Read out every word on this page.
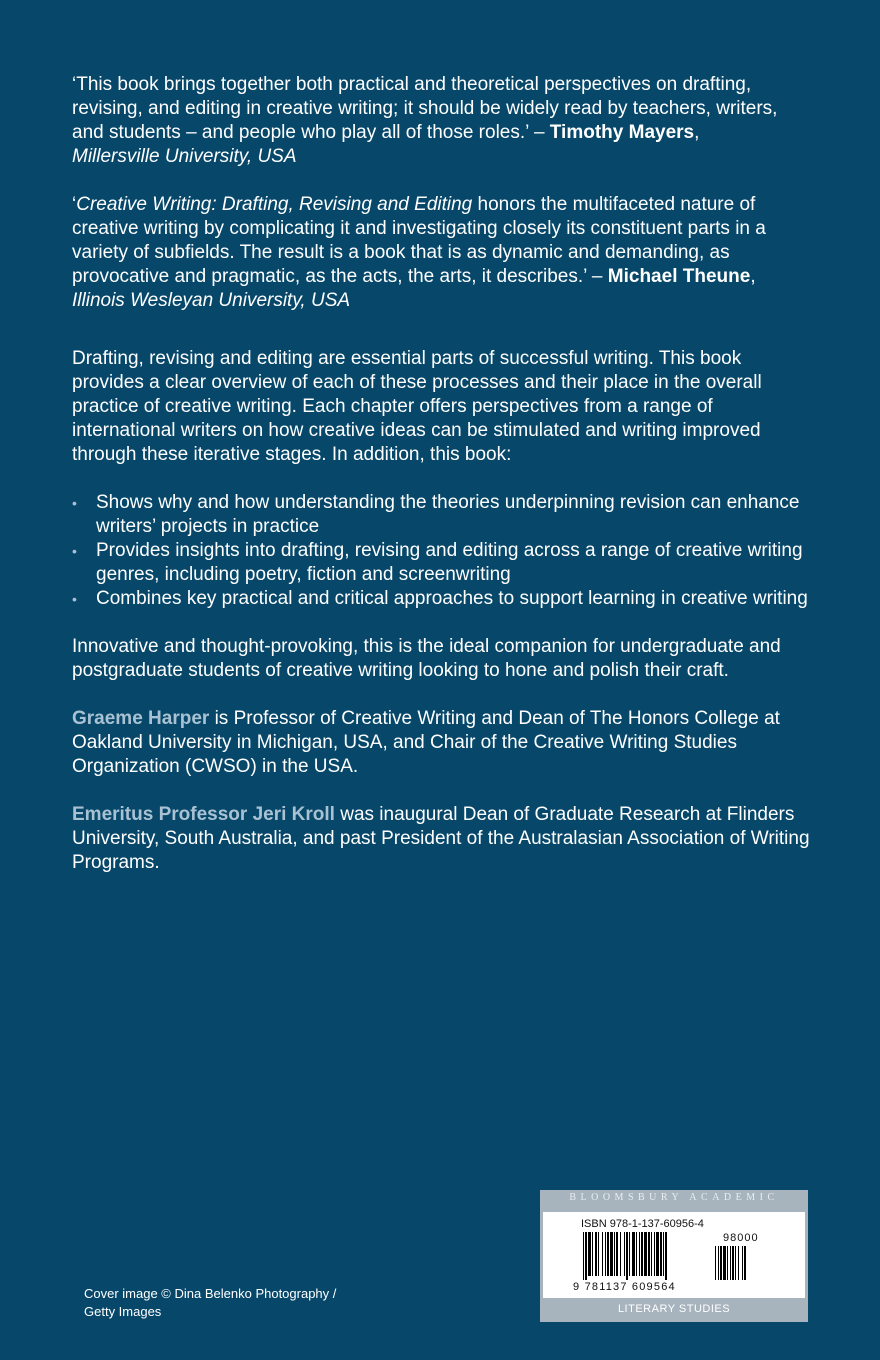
‘This book brings together both practical and theoretical perspectives on drafting, revising, and editing in creative writing; it should be widely read by teachers, writers, and students – and people who play all of those roles.’ – Timothy Mayers,
Millersville University, USA

‘Creative Writing: Drafting, Revising and Editing honors the multifaceted nature of creative writing by complicating it and investigating closely its constituent parts in a variety of subfields. The result is a book that is as dynamic and demanding, as provocative and pragmatic, as the acts, the arts, it describes.’ – Michael Theune,
Illinois Wesleyan University, USA

Drafting, revising and editing are essential parts of successful writing. This book provides a clear overview of each of these processes and their place in the overall practice of creative writing. Each chapter offers perspectives from a range of international writers on how creative ideas can be stimulated and writing improved through these iterative stages. In addition, this book:

• Shows why and how understanding the theories underpinning revision can enhance writers’ projects in practice
• Provides insights into drafting, revising and editing across a range of creative writing genres, including poetry, fiction and screenwriting
• Combines key practical and critical approaches to support learning in creative writing

Innovative and thought-provoking, this is the ideal companion for undergraduate and postgraduate students of creative writing looking to hone and polish their craft.

Graeme Harper is Professor of Creative Writing and Dean of The Honors College at Oakland University in Michigan, USA, and Chair of the Creative Writing Studies Organization (CWSO) in the USA.

Emeritus Professor Jeri Kroll was inaugural Dean of Graduate Research at Flinders University, South Australia, and past President of the Australasian Association of Writing Programs.

Cover image © Dina Belenko Photography /
Getty Images
BLOOMSBURY ACADEMIC
ISBN 978-1-137-60956-4
98000
9 781137 609564
LITERARY STUDIES
